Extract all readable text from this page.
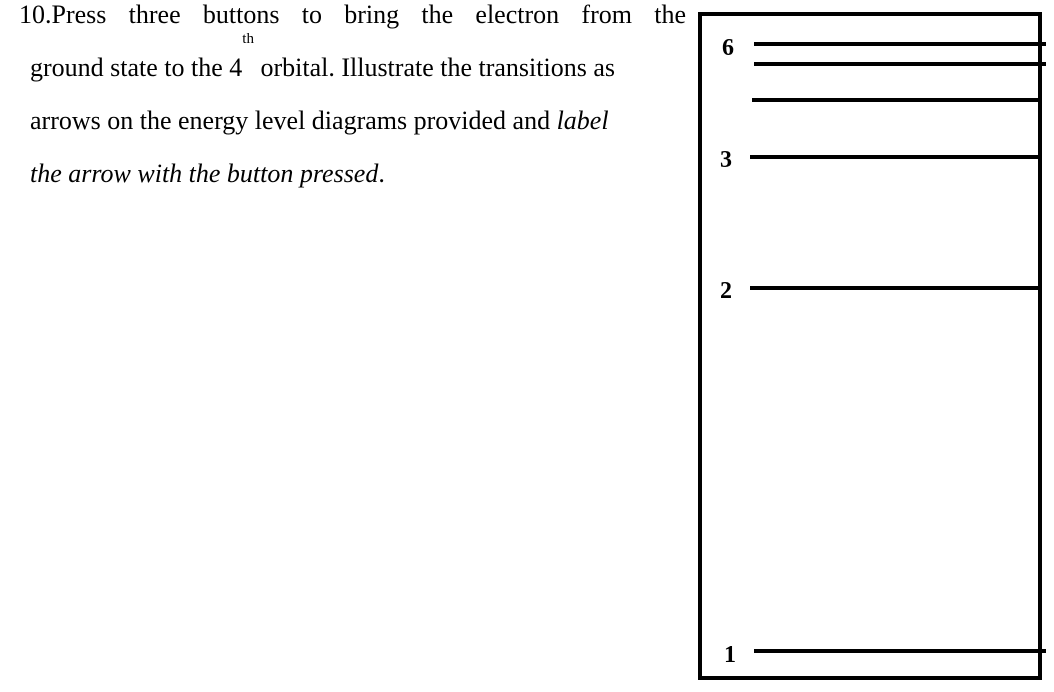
10.Press three buttons to bring the electron from the
ground state to the 4th orbital. Illustrate the transitions as
arrows on the energy level diagrams provided and label
the arrow with the button pressed.
6
3
2
1
